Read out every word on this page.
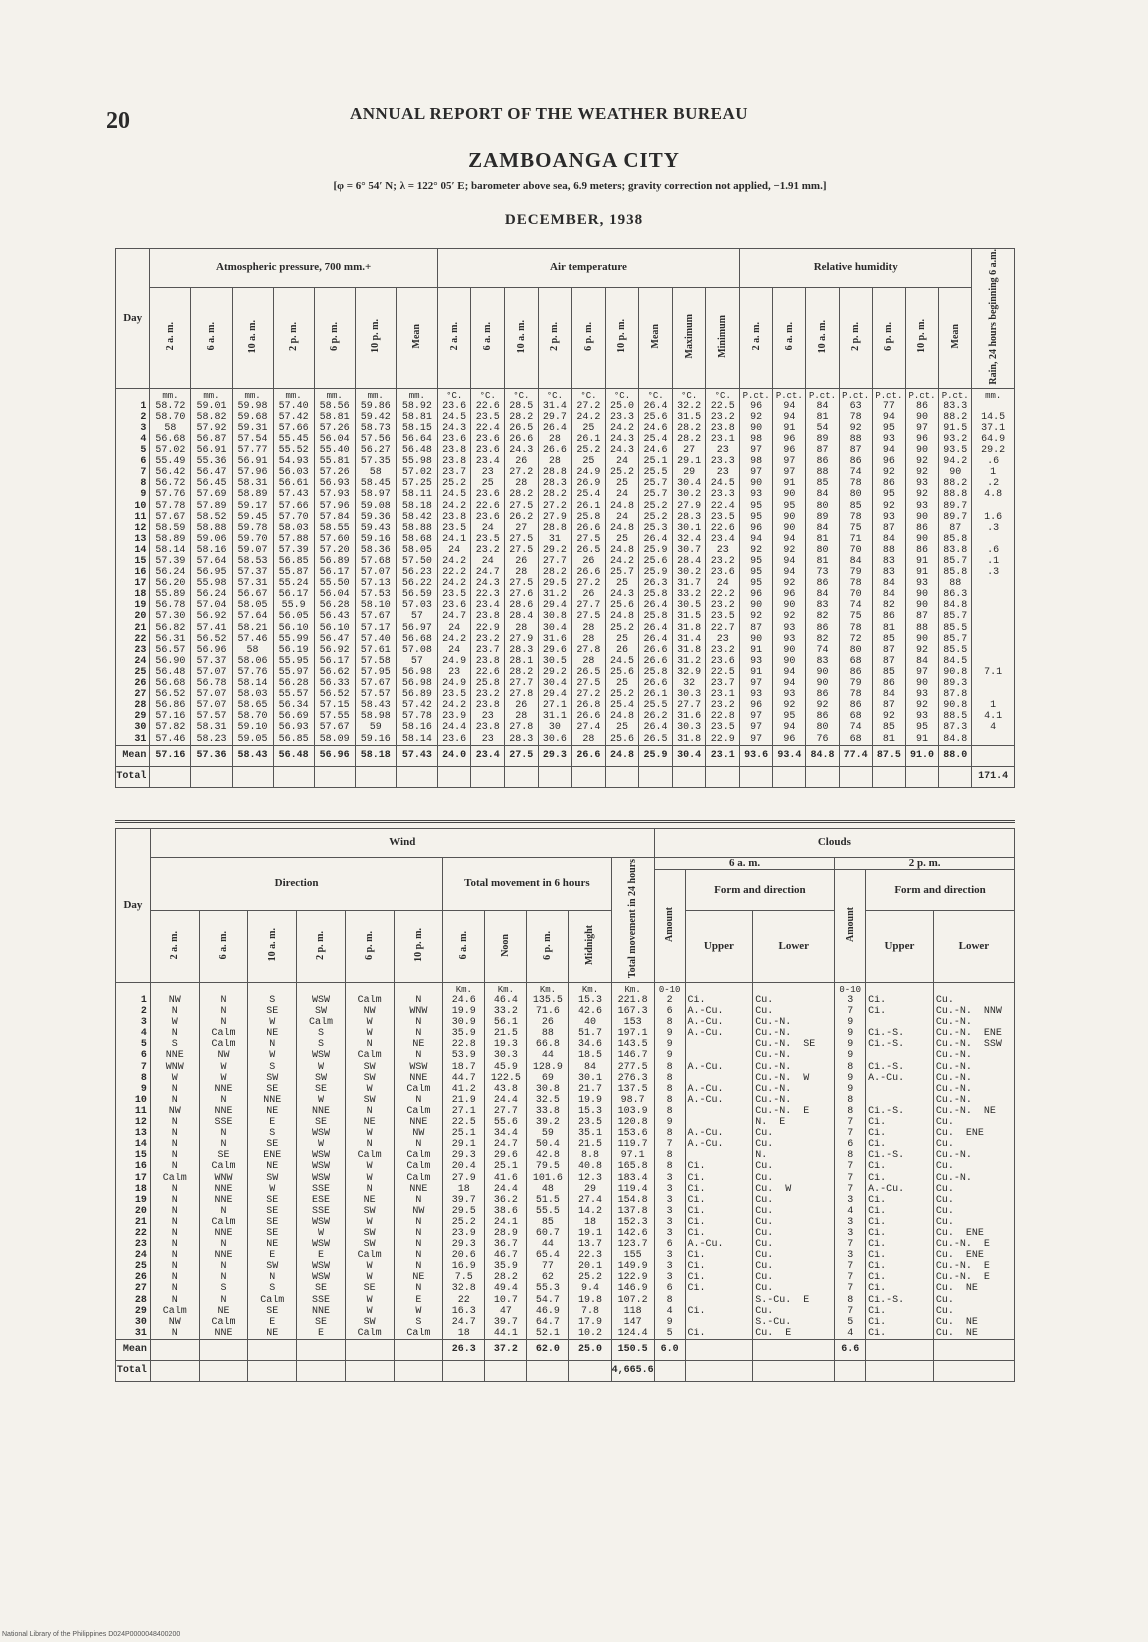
20	ANNUAL REPORT OF THE WEATHER BUREAU
ZAMBOANGA CITY
[φ = 6° 54′ N; λ = 122° 05′ E; barometer above sea, 6.9 meters; gravity correction not applied, −1.91 mm.]
DECEMBER, 1938
Day	Atmospheric pressure, 700 mm.+							Air temperature									Relative humidity							Rain, 24 hours beginning 6 a.m.
	2 a. m.	6 a. m.	10 a. m.	2 p. m.	6 p. m.	10 p. m.	Mean	2 a. m.	6 a. m.	10 a. m.	2 p. m.	6 p. m.	10 p. m.	Mean	Maximum	Minimum	2 a. m.	6 a. m.	10 a. m.	2 p. m.	6 p. m.	10 p. m.	Mean	
	mm.	mm.	mm.	mm.	mm.	mm.	mm.	°C.	°C.	°C.	°C.	°C.	°C.	°C.	°C.	°C.	P.ct.	P.ct.	P.ct.	P.ct.	P.ct.	P.ct.	P.ct.	mm.
1	58.72	59.01	59.98	57.40	58.56	59.86	58.92	23.6	22.6	28.5	31.4	27.2	25.0	26.4	32.2	22.5	96	94	84	63	77	86	83.3	
2	58.70	58.82	59.68	57.42	58.81	59.42	58.81	24.5	23.5	28.2	29.7	24.2	23.3	25.6	31.5	23.2	92	94	81	78	94	90	88.2	14.5
3	58	57.92	59.31	57.66	57.26	58.73	58.15	24.3	22.4	26.5	26.4	25	24.2	24.6	28.2	23.8	90	91	54	92	95	97	91.5	37.1
4	56.68	56.87	57.54	55.45	56.04	57.56	56.64	23.6	23.6	26.6	28	26.1	24.3	25.4	28.2	23.1	98	96	89	88	93	96	93.2	64.9
5	57.02	56.91	57.77	55.52	55.40	56.27	56.48	23.8	23.6	24.3	26.6	25.2	24.3	24.6	27	23	97	96	87	87	94	90	93.5	29.2
6	55.49	55.36	56.91	54.93	55.81	57.35	55.98	23.8	23.4	26	28	25	24	25.1	29.1	23.3	98	97	86	86	96	92	94.2	.6
7	56.42	56.47	57.96	56.03	57.26	58	57.02	23.7	23	27.2	28.8	24.9	25.2	25.5	29	23	97	97	88	74	92	92	90	1
8	56.72	56.45	58.31	56.61	56.93	58.45	57.25	25.2	25	28	28.3	26.9	25	25.7	30.4	24.5	90	91	85	78	86	93	88.2	.2
9	57.76	57.69	58.89	57.43	57.93	58.97	58.11	24.5	23.6	28.2	28.2	25.4	24	25.7	30.2	23.3	93	90	84	80	95	92	88.8	4.8
10	57.78	57.89	59.17	57.66	57.96	59.08	58.18	24.2	22.6	27.5	27.2	26.1	24.8	25.2	27.9	22.4	95	95	80	85	92	93	89.7	
11	57.67	58.52	59.45	57.70	57.84	59.36	58.42	23.8	23.6	26.2	27.9	25.8	24	25.2	28.3	23.5	95	90	89	78	93	90	89.7	1.6
12	58.59	58.88	59.78	58.03	58.55	59.43	58.88	23.5	24	27	28.8	26.6	24.8	25.3	30.1	22.6	96	90	84	75	87	86	87	.3
13	58.89	59.06	59.70	57.88	57.60	59.16	58.68	24.1	23.5	27.5	31	27.5	25	26.4	32.4	23.4	94	94	81	71	84	90	85.8	
14	58.14	58.16	59.07	57.39	57.20	58.36	58.05	24	23.2	27.5	29.2	26.5	24.8	25.9	30.7	23	92	92	80	70	88	86	83.8	.6
15	57.39	57.64	58.53	56.85	56.89	57.68	57.50	24.2	24	26	27.7	26	24.2	25.6	28.4	23.2	95	94	81	84	83	91	85.7	.1
16	56.24	56.95	57.37	55.87	56.17	57.07	56.23	22.2	24.7	28	28.2	26.6	25.7	25.9	30.2	23.6	95	94	73	79	83	91	85.8	.3
17	56.20	55.98	57.31	55.24	55.50	57.13	56.22	24.2	24.3	27.5	29.5	27.2	25	26.3	31.7	24	95	92	86	78	84	93	88	
18	55.89	56.24	56.67	56.17	56.04	57.53	56.59	23.5	22.3	27.6	31.2	26	24.3	25.8	33.2	22.2	96	96	84	70	84	90	86.3	
19	56.78	57.04	58.05	55.9	56.28	58.10	57.03	23.6	23.4	28.6	29.4	27.7	25.6	26.4	30.5	23.2	90	90	83	74	82	90	84.8	
20	57.30	56.92	57.64	56.05	56.43	57.67	57	24.7	23.8	28.4	30.8	27.5	24.8	25.8	31.5	23.5	92	92	82	75	86	87	85.7	
21	56.82	57.41	58.21	56.10	56.10	57.17	56.97	24	22.9	28	30.4	28	25.2	26.4	31.8	22.7	87	93	86	78	81	88	85.5	
22	56.31	56.52	57.46	55.99	56.47	57.40	56.68	24.2	23.2	27.9	31.6	28	25	26.4	31.4	23	90	93	82	72	85	90	85.7	
23	56.57	56.96	58	56.19	56.92	57.61	57.08	24	23.7	28.3	29.6	27.8	26	26.6	31.8	23.2	91	90	74	80	87	92	85.5	
24	56.90	57.37	58.06	55.95	56.17	57.58	57	24.9	23.8	28.1	30.5	28	24.5	26.6	31.2	23.6	93	90	83	68	87	84	84.5	
25	56.48	57.07	57.76	55.97	56.62	57.95	56.98	23	22.6	28.2	29.2	26.5	25.6	25.8	32.9	22.5	91	94	90	86	85	97	90.8	7.1
26	56.68	56.78	58.14	56.28	56.33	57.67	56.98	24.9	25.8	27.7	30.4	27.5	25	26.6	32	23.7	97	94	90	79	86	90	89.3	
27	56.52	57.07	58.03	55.57	56.52	57.57	56.89	23.5	23.2	27.8	29.4	27.2	25.2	26.1	30.3	23.1	93	93	86	78	84	93	87.8	
28	56.86	57.07	58.65	56.34	57.15	58.43	57.42	24.2	23.8	26	27.1	26.8	25.4	25.5	27.7	23.2	96	92	92	86	87	92	90.8	1
29	57.16	57.57	58.70	56.69	57.55	58.98	57.78	23.9	23	28	31.1	26.6	24.8	26.2	31.6	22.8	97	95	86	68	92	93	88.5	4.1
30	57.82	58.31	59.10	56.93	57.67	59	58.16	24.4	23.8	27.8	30	27.4	25	26.4	30.3	23.5	97	94	80	74	85	95	87.3	4
31	57.46	58.23	59.05	56.85	58.09	59.16	58.14	23.6	23	28.3	30.6	28	25.6	26.5	31.8	22.9	97	96	76	68	81	91	84.8	
Mean	57.16	57.36	58.43	56.48	56.96	58.18	57.43	24.0	23.4	27.5	29.3	26.6	24.8	25.9	30.4	23.1	93.6	93.4	84.8	77.4	87.5	91.0	88.0	
Total																								171.4
Day	Wind											Clouds					
	Direction						Total movement in 6 hours				Total movement in 24 hours	6 a. m.			2 p. m.		
												Amount	Form and direction		Amount	Form and direction	
	2 a. m.	6 a. m.	10 a. m.	2 p. m.	6 p. m.	10 p. m.	6 a. m.	Noon	6 p. m.	Midnight			Upper	Lower		Upper	Lower
							Km.	Km.	Km.	Km.	Km.	0-10			0-10		
1	NW	N	S	WSW	Calm	N	24.6	46.4	135.5	15.3	221.8	2	Ci.	Cu.	3	Ci.	Cu.
2	N	N	SE	SW	NW	WNW	19.9	33.2	71.6	42.6	167.3	6	A.-Cu.	Cu.	7	Ci.	Cu.-N.  NNW
3	W	N	W	Calm	W	N	30.9	56.1	26	40	153	8	A.-Cu.	Cu.-N.	9		Cu.-N.
4	N	Calm	NE	S	W	N	35.9	21.5	88	51.7	197.1	9	A.-Cu.	Cu.-N.	9	Ci.-S.	Cu.-N.  ENE
5	S	Calm	N	S	N	NE	22.8	19.3	66.8	34.6	143.5	9		Cu.-N.  SE	9	Ci.-S.	Cu.-N.  SSW
6	NNE	NW	W	WSW	Calm	N	53.9	30.3	44	18.5	146.7	9		Cu.-N.	9		Cu.-N.
7	WNW	W	S	W	SW	WSW	18.7	45.9	128.9	84	277.5	8	A.-Cu.	Cu.-N.	8	Ci.-S.	Cu.-N.
8	W	W	SW	SW	SW	NNE	44.7	122.5	69	30.1	276.3	8		Cu.-N.  W	9	A.-Cu.	Cu.-N.
9	N	NNE	SE	SE	W	Calm	41.2	43.8	30.8	21.7	137.5	8	A.-Cu.	Cu.-N.	9		Cu.-N.
10	N	N	NNE	W	SW	N	21.9	24.4	32.5	19.9	98.7	8	A.-Cu.	Cu.-N.	8		Cu.-N.
11	NW	NNE	NE	NNE	N	Calm	27.1	27.7	33.8	15.3	103.9	8		Cu.-N.  E	8	Ci.-S.	Cu.-N.  NE
12	N	SSE	E	SE	NE	NNE	22.5	55.6	39.2	23.5	120.8	9		N.  E	7	Ci.	Cu.
13	N	N	S	WSW	W	NW	25.1	34.4	59	35.1	153.6	8	A.-Cu.	Cu.	7	Ci.	Cu.  ENE
14	N	N	SE	W	N	N	29.1	24.7	50.4	21.5	119.7	7	A.-Cu.	Cu.	6	Ci.	Cu.
15	N	SE	ENE	WSW	Calm	Calm	29.3	29.6	42.8	8.8	97.1	8		N.	8	Ci.-S.	Cu.-N.
16	N	Calm	NE	WSW	W	Calm	20.4	25.1	79.5	40.8	165.8	8	Ci.	Cu.	7	Ci.	Cu.
17	Calm	WNW	SW	WSW	W	Calm	27.9	41.6	101.6	12.3	183.4	3	Ci.	Cu.	7	Ci.	Cu.-N.
18	N	NNE	W	SSE	N	NNE	18	24.4	48	29	119.4	3	Ci.	Cu.  W	7	A.-Cu.	Cu.
19	N	NNE	SE	ESE	NE	N	39.7	36.2	51.5	27.4	154.8	3	Ci.	Cu.	3	Ci.	Cu.
20	N	N	SE	SSE	SW	NW	29.5	38.6	55.5	14.2	137.8	3	Ci.	Cu.	4	Ci.	Cu.
21	N	Calm	SE	WSW	W	N	25.2	24.1	85	18	152.3	3	Ci.	Cu.	3	Ci.	Cu.
22	N	NNE	SE	W	SW	N	23.9	28.9	60.7	19.1	142.6	3	Ci.	Cu.	3	Ci.	Cu.  ENE
23	N	N	NE	WSW	SW	N	29.3	36.7	44	13.7	123.7	6	A.-Cu.	Cu.	7	Ci.	Cu.-N.  E
24	N	NNE	E	E	Calm	N	20.6	46.7	65.4	22.3	155	3	Ci.	Cu.	3	Ci.	Cu.  ENE
25	N	N	SW	WSW	W	N	16.9	35.9	77	20.1	149.9	3	Ci.	Cu.	7	Ci.	Cu.-N.  E
26	N	N	N	WSW	W	NE	7.5	28.2	62	25.2	122.9	3	Ci.	Cu.	7	Ci.	Cu.-N.  E
27	N	S	S	SE	SE	N	32.8	49.4	55.3	9.4	146.9	6	Ci.	Cu.	7	Ci.	Cu.  NE
28	N	N	Calm	SSE	W	E	22	10.7	54.7	19.8	107.2	8		S.-Cu.  E	8	Ci.-S.	Cu.
29	Calm	NE	SE	NNE	W	W	16.3	47	46.9	7.8	118	4	Ci.	Cu.	7	Ci.	Cu.
30	NW	Calm	E	SE	SW	S	24.7	39.7	64.7	17.9	147	9		S.-Cu.	5	Ci.	Cu.  NE
31	N	NNE	NE	E	Calm	Calm	18	44.1	52.1	10.2	124.4	5	Ci.	Cu.  E	4	Ci.	Cu.  NE
Mean							26.3	37.2	62.0	25.0	150.5	6.0			6.6		
Total											4,665.6						
National Library of the Philippines D024P0000048400200
